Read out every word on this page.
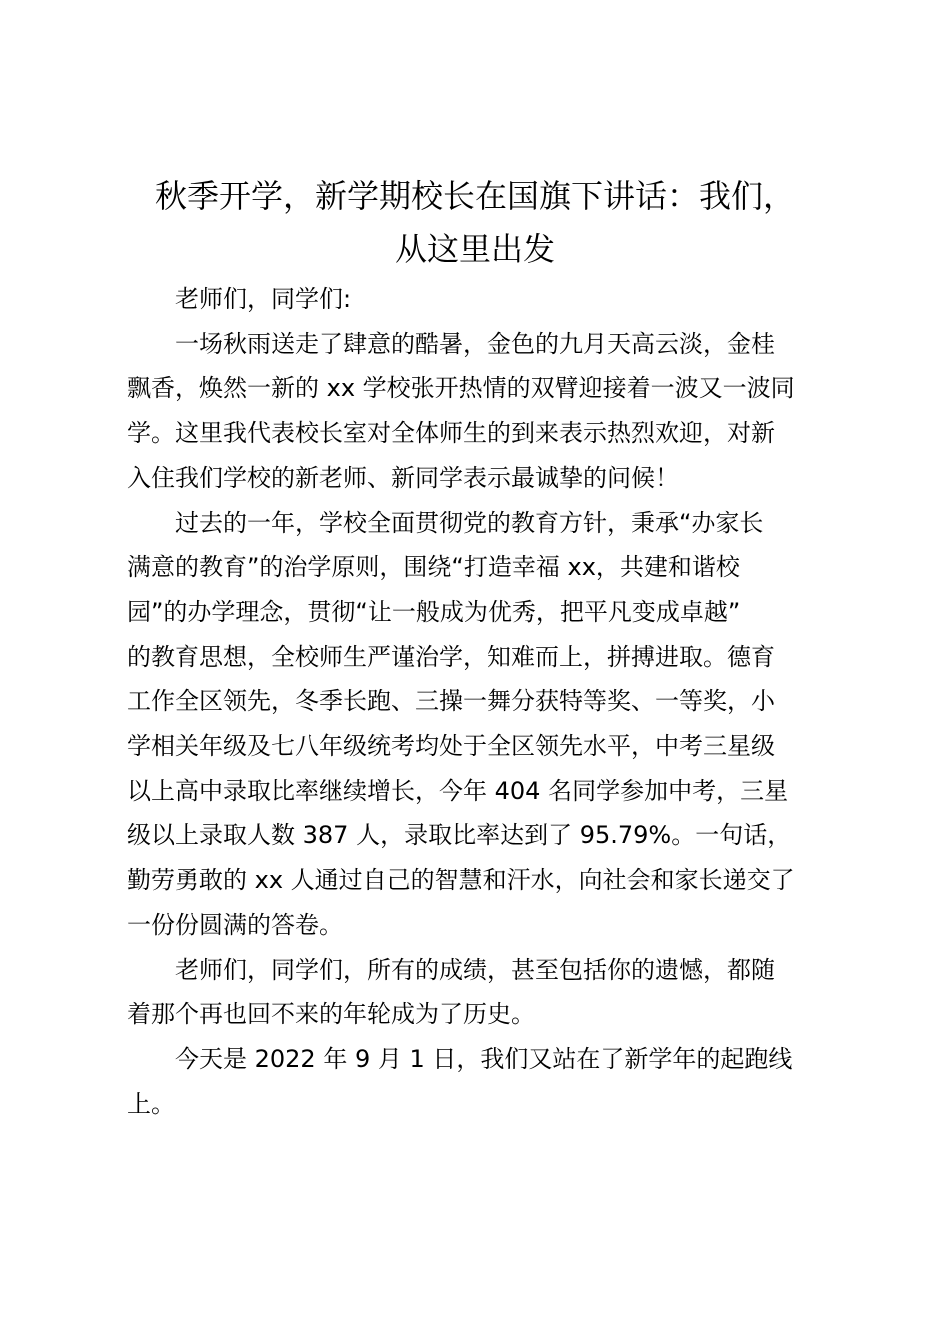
秋季开学，新学期校长在国旗下讲话：我们，
从这里出发

老师们，同学们:

一场秋雨送走了肆意的酷暑，金色的九月天高云淡，金桂
飘香，焕然一新的 xx 学校张开热情的双臂迎接着一波又一波同
学。这里我代表校长室对全体师生的到来表示热烈欢迎，对新
入住我们学校的新老师、新同学表示最诚挚的问候！

过去的一年，学校全面贯彻党的教育方针，秉承“办家长
满意的教育”的治学原则，围绕“打造幸福 xx，共建和谐校
园”的办学理念，贯彻“让一般成为优秀，把平凡变成卓越”
的教育思想，全校师生严谨治学，知难而上，拼搏进取。德育
工作全区领先，冬季长跑、三操一舞分获特等奖、一等奖，小
学相关年级及七八年级统考均处于全区领先水平，中考三星级
以上高中录取比率继续增长，今年 404 名同学参加中考，三星
级以上录取人数 387 人，录取比率达到了 95.79%。一句话，
勤劳勇敢的 xx 人通过自己的智慧和汗水，向社会和家长递交了
一份份圆满的答卷。

老师们，同学们，所有的成绩，甚至包括你的遗憾，都随
着那个再也回不来的年轮成为了历史。

今天是 2022 年 9 月 1 日，我们又站在了新学年的起跑线
上。
